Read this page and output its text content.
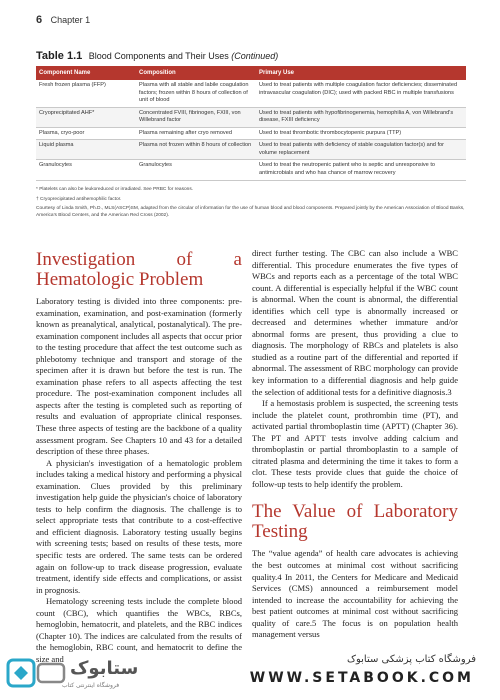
6 Chapter 1
Table 1.1 Blood Components and Their Uses (Continued)
Component Name	Composition	Primary Use
Fresh frozen plasma (FFP)	Plasma with all stable and labile coagulation factors; frozen within 8 hours of collection of unit of blood	Used to treat patients with multiple coagulation factor deficiencies; disseminated intravascular coagulation (DIC); used with packed RBC in multiple transfusions
Cryoprecipitated AHF*	Concentrated FVIII, fibrinogen, FXIII, von Willebrand factor	Used to treat patients with hypofibrinogenemia, hemophilia A, von Willebrand's disease, FXIII deficiency
Plasma, cryo-poor	Plasma remaining after cryo removed	Used to treat thrombotic thrombocytopenic purpura (TTP)
Liquid plasma	Plasma not frozen within 8 hours of collection	Used to treat patients with deficiency of stable coagulation factor(s) and for volume replacement
Granulocytes	Granulocytes	Used to treat the neutropenic patient who is septic and unresponsive to antimicrobials and who has chance of marrow recovery

* Platelets can also be leukoreduced or irradiated. See PRBC for reasons.

† Cryoprecipitated antihemophilic factor.

Courtesy of Linda Smith, Ph.D., MLS(ASCP)SM, adapted from the circular of information for the use of human blood and blood components. Prepared jointly by the American Association of Blood Banks, America's Blood Centers, and the American Red Cross (2002).

Investigation of a Hematologic Problem

Laboratory testing is divided into three components: pre-examination, examination, and post-examination (formerly known as preanalytical, analytical, postanalytical). The pre-examination component includes all aspects that occur prior to the testing procedure that affect the test outcome such as phlebotomy technique and transport and storage of the specimen after it is drawn but before the test is run. The examination phase refers to all aspects affecting the test procedure. The post-examination component includes all aspects after the testing is completed such as reporting of results and evaluation of appropriate clinical responses. These three aspects of testing are the backbone of a quality assessment program. See Chapters 10 and 43 for a detailed description of these three phases.

A physician's investigation of a hematologic problem includes taking a medical history and performing a physical examination. Clues provided by this preliminary investigation help guide the physician's choice of laboratory tests to help confirm the diagnosis. The challenge is to select appropriate tests that contribute to a cost-effective and efficient diagnosis. Laboratory testing usually begins with screening tests; based on results of these tests, more specific tests are ordered. The same tests can be ordered again on follow-up to track disease progression, evaluate treatment, identify side effects and complications, or assist in prognosis.

Hematology screening tests include the complete blood count (CBC), which quantifies the WBCs, RBCs, hemoglobin, hematocrit, and platelets, and the RBC indices (Chapter 10). The indices are calculated from the results of the hemoglobin, RBC count, and hematocrit to define the size and

direct further testing. The CBC can also include a WBC differential. This procedure enumerates the five types of WBCs and reports each as a percentage of the total WBC count. A differential is especially helpful if the WBC count is abnormal. When the count is abnormal, the differential identifies which cell type is abnormally increased or decreased and determines whether immature and/or abnormal forms are present, thus providing a clue to diagnosis. The morphology of RBCs and platelets is also studied as a routine part of the differential and reported if abnormal. The assessment of RBC morphology can provide key information to a differential diagnosis and help guide the selection of additional tests for a definitive diagnosis.3

If a hemostasis problem is suspected, the screening tests include the platelet count, prothrombin time (PT), and activated partial thromboplastin time (APTT) (Chapter 36). The PT and APTT tests involve adding calcium and thromboplastin or partial thromboplastin to a sample of citrated plasma and determining the time it takes to form a clot. These tests provide clues that guide the choice of follow-up tests to help identify the problem.

The Value of Laboratory Testing

The “value agenda” of health care advocates is achieving the best outcomes at minimal cost without sacrificing quality.4 In 2011, the Centers for Medicare and Medicaid Services (CMS) announced a reimbursement model intended to increase the accountability for achieving the best patient outcomes at minimal cost without sacrificing quality of care.5 The focus is on population health management versus

ستابوک
فروشگاه اینترنتی کتاب
فروشگاه کتاب پزشکی ستابوک
WWW.SETABOOK.COM
